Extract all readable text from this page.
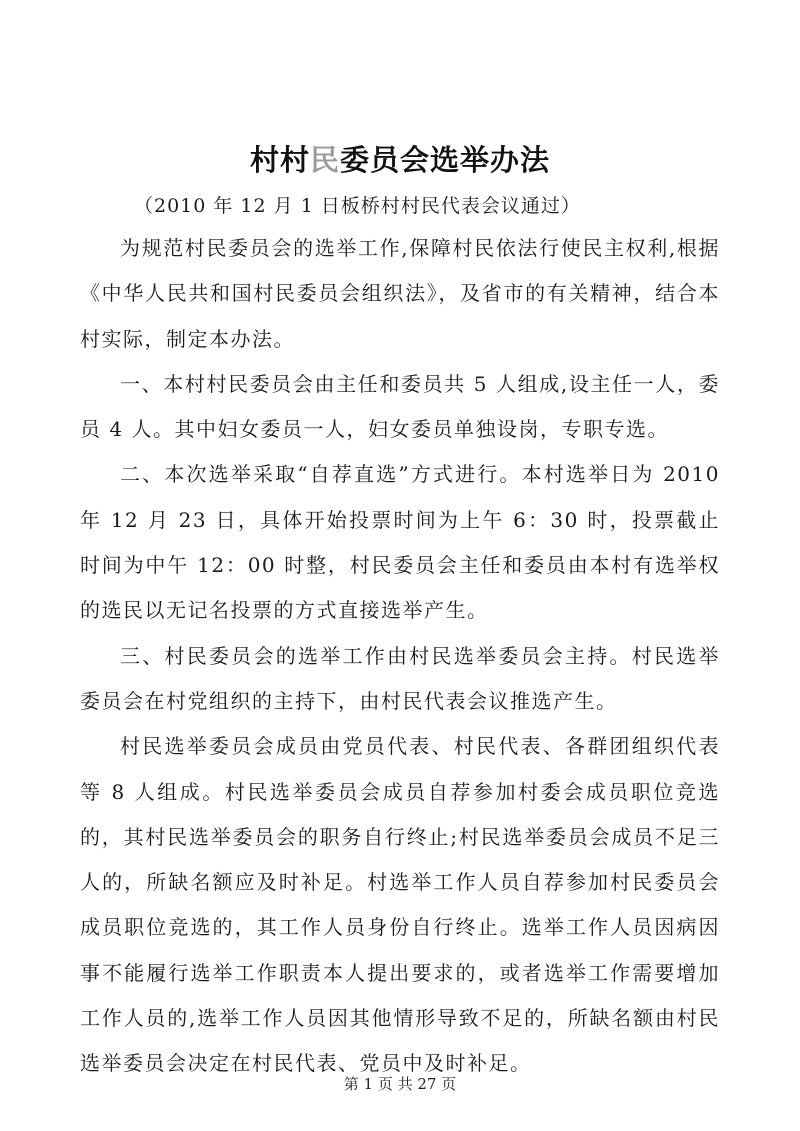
村村民委员会选举办法
（2010 年 12 月 1 日板桥村村民代表会议通过）

为规范村民委员会的选举工作,保障村民依法行使民主权利,根据《中华人民共和国村民委员会组织法》，及省市的有关精神，结合本村实际，制定本办法。

一、本村村民委员会由主任和委员共 5 人组成,设主任一人，委员 4 人。其中妇女委员一人，妇女委员单独设岗，专职专选。

二、本次选举采取“自荐直选”方式进行。本村选举日为 2010 年 12 月 23 日，具体开始投票时间为上午 6：30 时，投票截止时间为中午 12：00 时整，村民委员会主任和委员由本村有选举权的选民以无记名投票的方式直接选举产生。

三、村民委员会的选举工作由村民选举委员会主持。村民选举委员会在村党组织的主持下，由村民代表会议推选产生。

村民选举委员会成员由党员代表、村民代表、各群团组织代表等 8 人组成。村民选举委员会成员自荐参加村委会成员职位竞选的，其村民选举委员会的职务自行终止;村民选举委员会成员不足三人的，所缺名额应及时补足。村选举工作人员自荐参加村民委员会成员职位竞选的，其工作人员身份自行终止。选举工作人员因病因事不能履行选举工作职责本人提出要求的，或者选举工作需要增加工作人员的,选举工作人员因其他情形导致不足的，所缺名额由村民选举委员会决定在村民代表、党员中及时补足。

第 1 页 共 27 页
